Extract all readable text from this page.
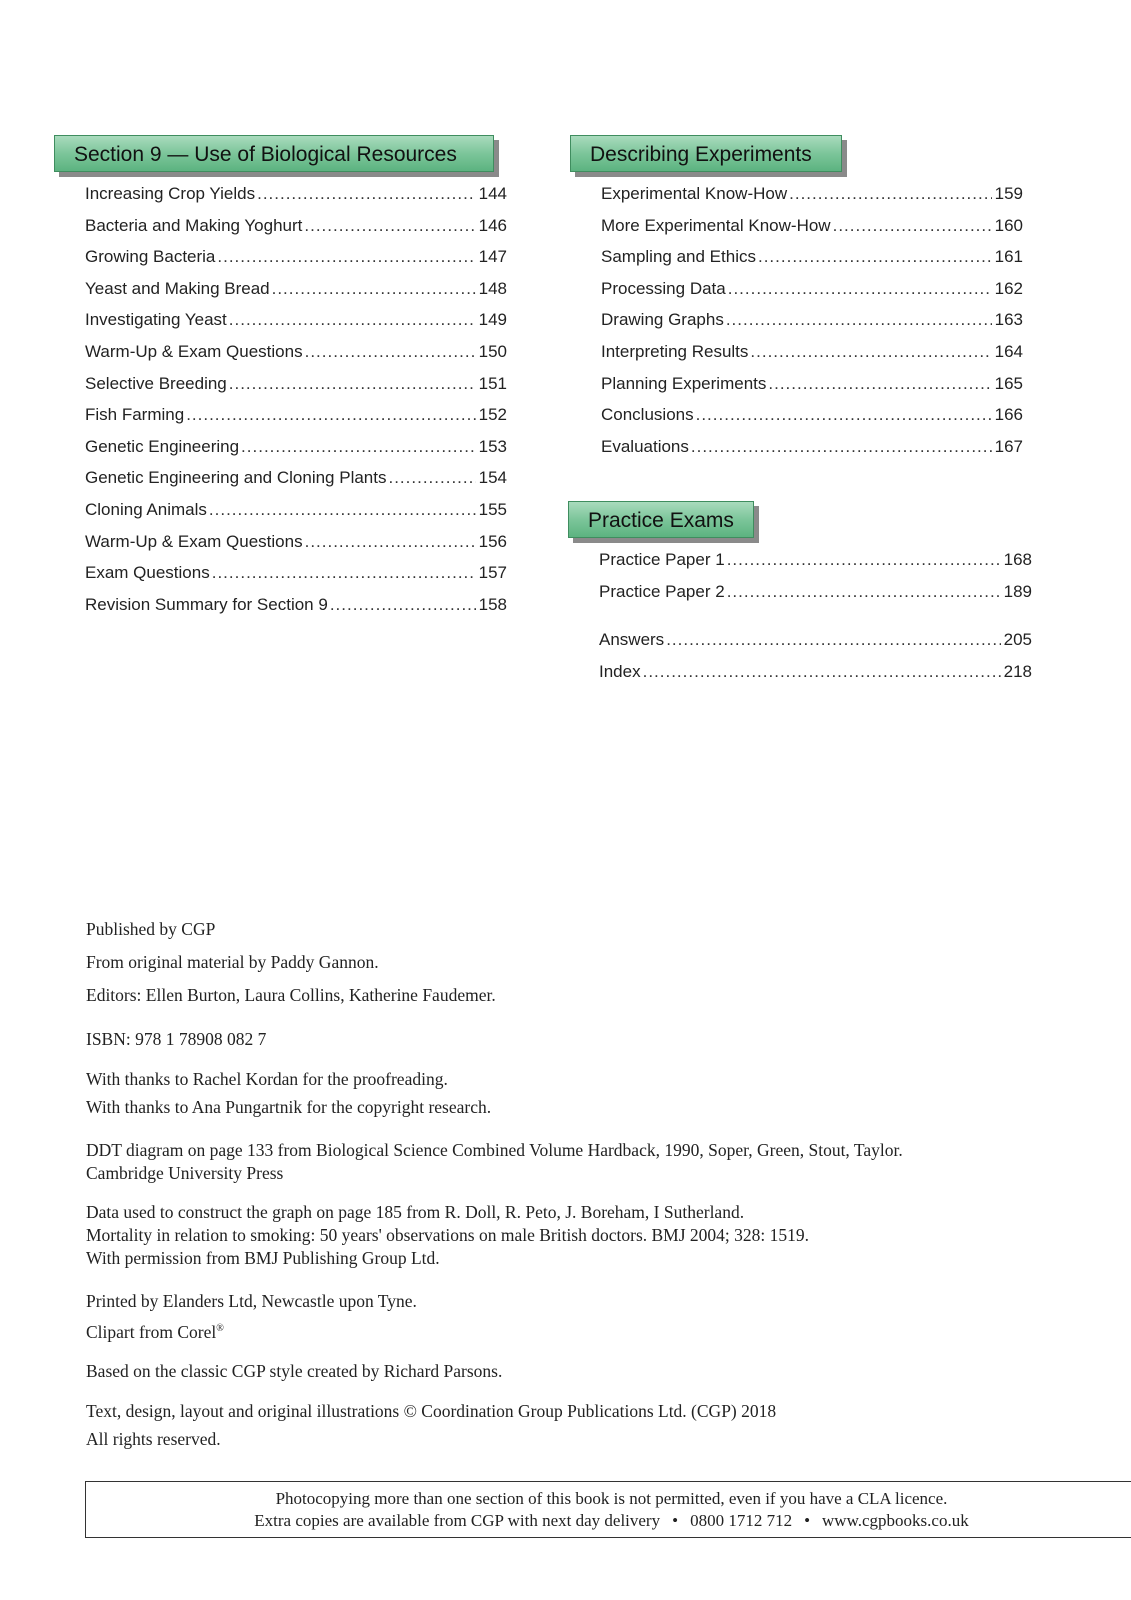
Section 9 — Use of Biological Resources
Increasing Crop Yields .....	144
Bacteria and Making Yoghurt .....	146
Growing Bacteria .....	147
Yeast and Making Bread .....	148
Investigating Yeast .....	149
Warm-Up & Exam Questions .....	150
Selective Breeding .....	151
Fish Farming .....	152
Genetic Engineering .....	153
Genetic Engineering and Cloning Plants .....	154
Cloning Animals .....	155
Warm-Up & Exam Questions .....	156
Exam Questions .....	157
Revision Summary for Section 9 .....	158
Describing Experiments
Experimental Know-How .....	159
More Experimental Know-How .....	160
Sampling and Ethics .....	161
Processing Data .....	162
Drawing Graphs .....	163
Interpreting Results .....	164
Planning Experiments .....	165
Conclusions .....	166
Evaluations .....	167
Practice Exams
Practice Paper 1 .....	168
Practice Paper 2 .....	189
Answers .....	205
Index .....	218
Published by CGP
From original material by Paddy Gannon.
Editors: Ellen Burton, Laura Collins, Katherine Faudemer.
ISBN: 978 1 78908 082 7
With thanks to Rachel Kordan for the proofreading.
With thanks to Ana Pungartnik for the copyright research.
DDT diagram on page 133 from Biological Science Combined Volume Hardback, 1990, Soper, Green, Stout, Taylor.
Cambridge University Press
Data used to construct the graph on page 185 from R. Doll, R. Peto, J. Boreham, I Sutherland.
Mortality in relation to smoking: 50 years' observations on male British doctors. BMJ 2004; 328: 1519.
With permission from BMJ Publishing Group Ltd.
Printed by Elanders Ltd, Newcastle upon Tyne.
Clipart from Corel®
Based on the classic CGP style created by Richard Parsons.
Text, design, layout and original illustrations © Coordination Group Publications Ltd. (CGP) 2018
All rights reserved.
Photocopying more than one section of this book is not permitted, even if you have a CLA licence.
Extra copies are available from CGP with next day delivery • 0800 1712 712 • www.cgpbooks.co.uk
